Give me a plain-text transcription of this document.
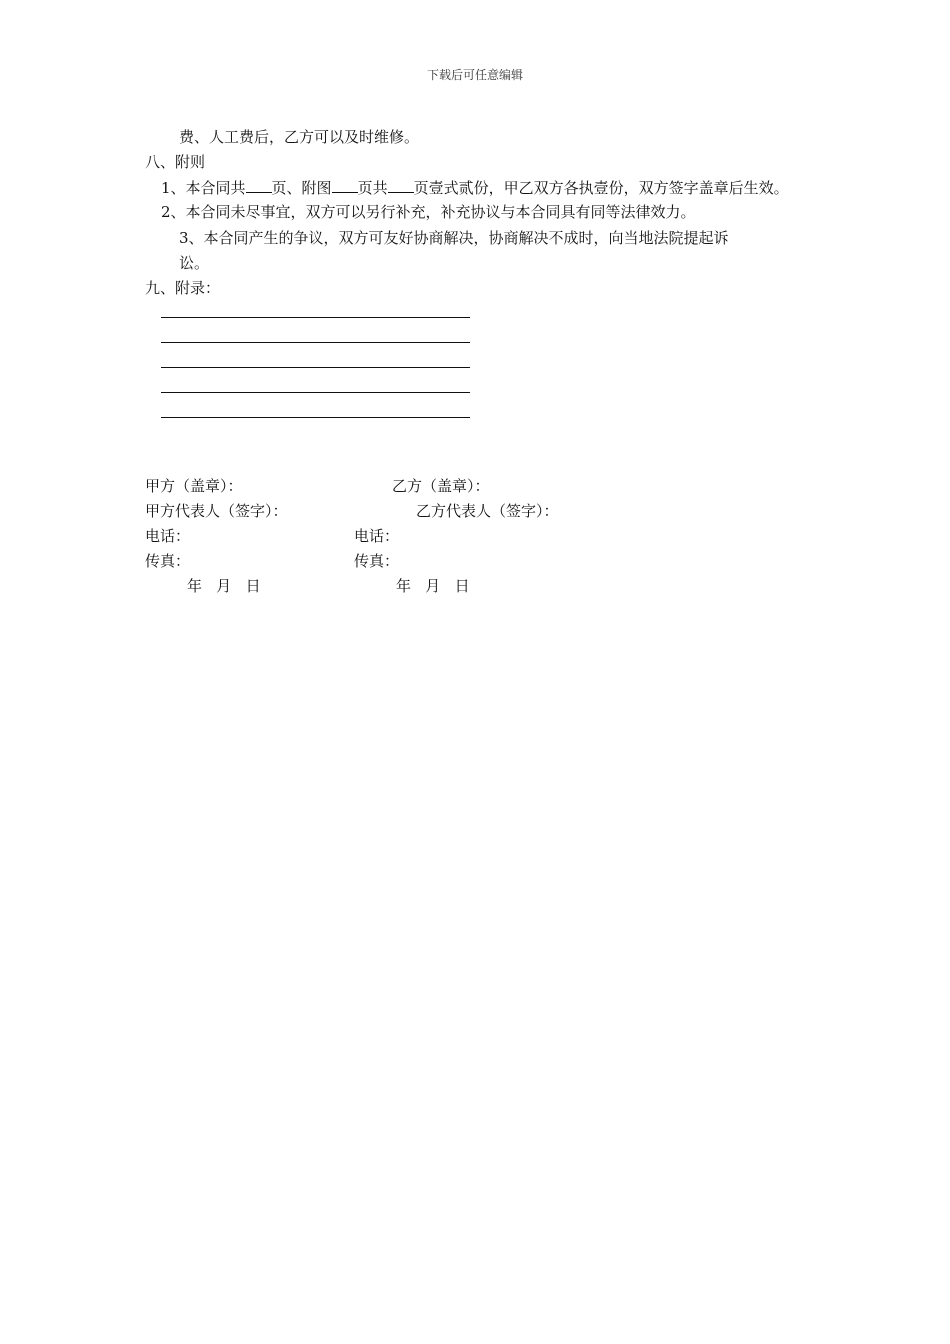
下载后可任意编辑
费、人工费后，乙方可以及时维修。
八、附则
1、本合同共 页、附图 页共 页壹式贰份，甲乙双方各执壹份，双方签字盖章后生效。
2、本合同未尽事宜，双方可以另行补充，补充协议与本合同具有同等法律效力。
3、本合同产生的争议，双方可友好协商解决，协商解决不成时，向当地法院提起诉
讼。
九、附录：
甲方（盖章）：	乙方（盖章）：
甲方代表人（签字）：	乙方代表人（签字）：
电话：	电话：
传真：	传真：
年   月   日	年   月   日
